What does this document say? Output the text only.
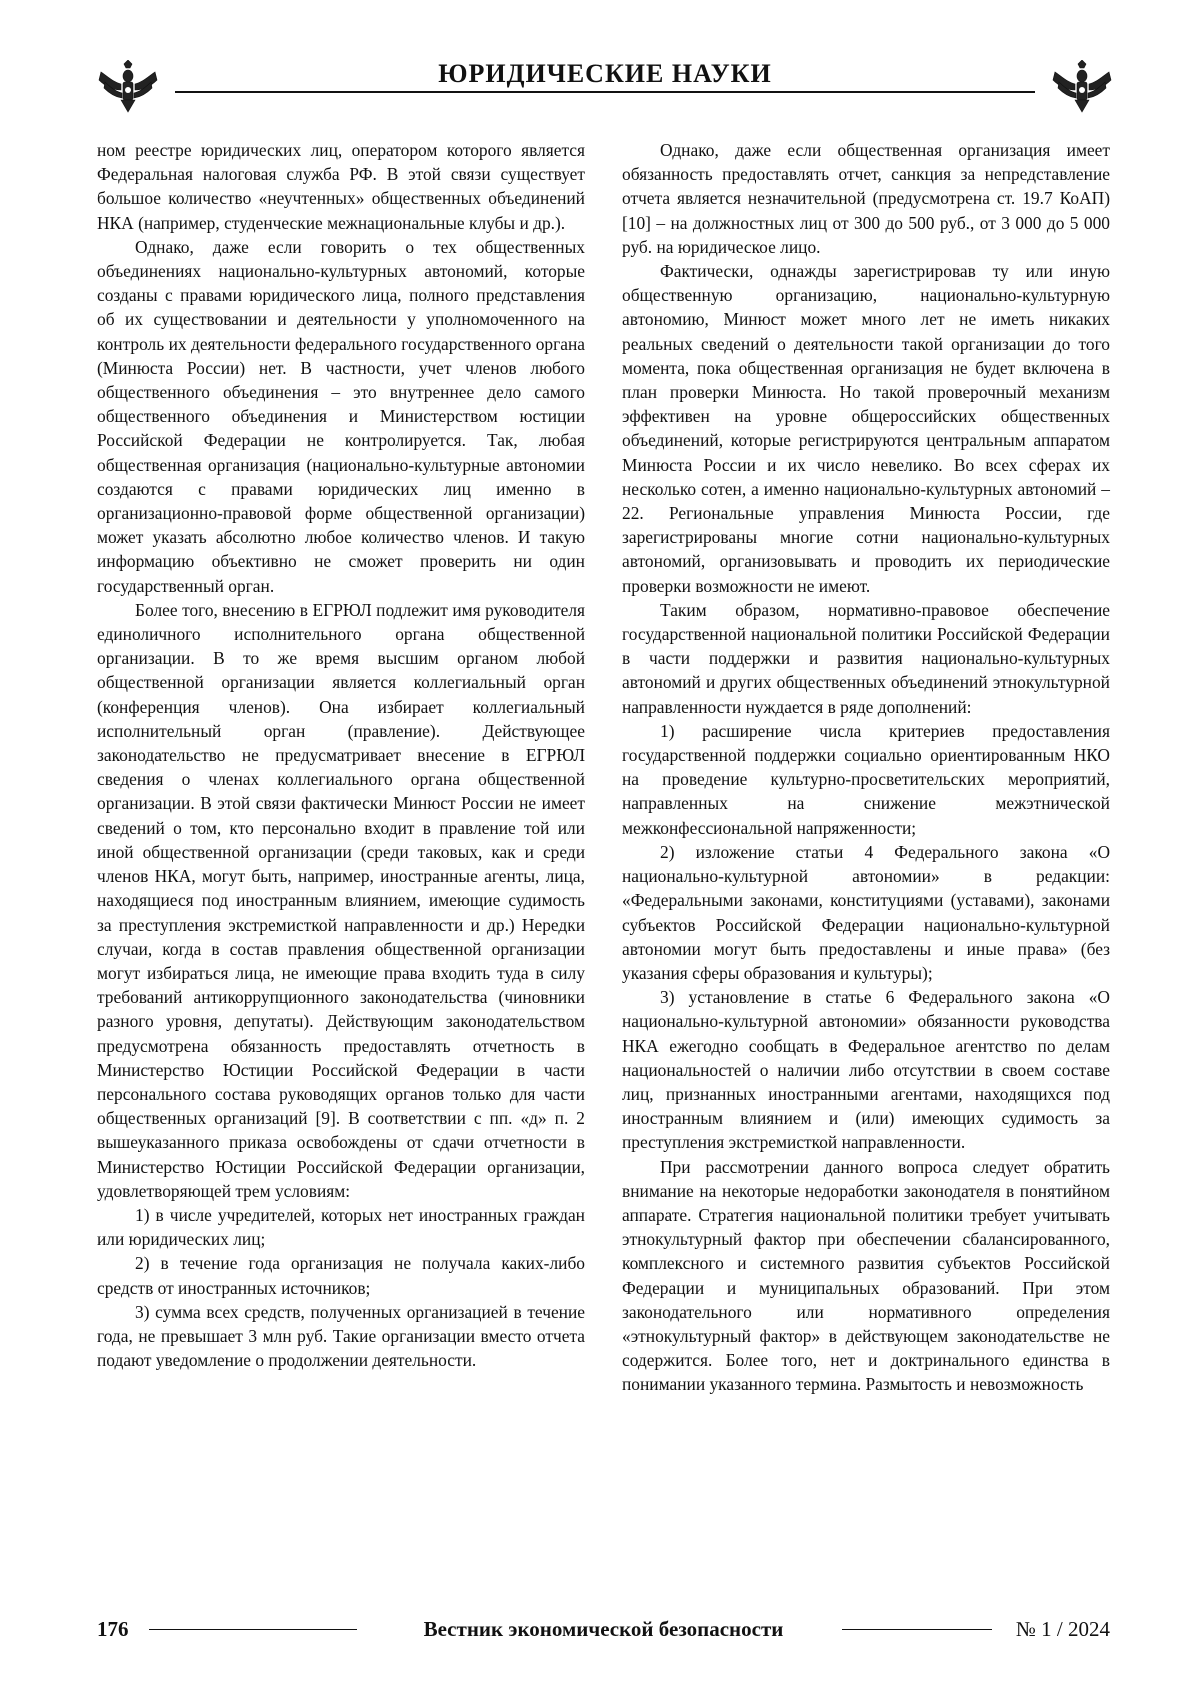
ЮРИДИЧЕСКИЕ НАУКИ

ном реестре юридических лиц, оператором которого является Федеральная налоговая служба РФ. В этой связи существует большое количество «неучтенных» общественных объединений НКА (например, студенческие межнациональные клубы и др.).

Однако, даже если говорить о тех общественных объединениях национально-культурных автономий, которые созданы с правами юридического лица, полного представления об их существовании и деятельности у уполномоченного на контроль их деятельности федерального государственного органа (Минюста России) нет. В частности, учет членов любого общественного объединения – это внутреннее дело самого общественного объединения и Министерством юстиции Российской Федерации не контролируется. Так, любая общественная организация (национально-культурные автономии создаются с правами юридических лиц именно в организационно-правовой форме общественной организации) может указать абсолютно любое количество членов. И такую информацию объективно не сможет проверить ни один государственный орган.

Более того, внесению в ЕГРЮЛ подлежит имя руководителя единоличного исполнительного органа общественной организации. В то же время высшим органом любой общественной организации является коллегиальный орган (конференция членов). Она избирает коллегиальный исполнительный орган (правление). Действующее законодательство не предусматривает внесение в ЕГРЮЛ сведения о членах коллегиального органа общественной организации. В этой связи фактически Минюст России не имеет сведений о том, кто персонально входит в правление той или иной общественной организации (среди таковых, как и среди членов НКА, могут быть, например, иностранные агенты, лица, находящиеся под иностранным влиянием, имеющие судимость за преступления экстремисткой направленности и др.) Нередки случаи, когда в состав правления общественной организации могут избираться лица, не имеющие права входить туда в силу требований антикоррупционного законодательства (чиновники разного уровня, депутаты). Действующим законодательством предусмотрена обязанность предоставлять отчетность в Министерство Юстиции Российской Федерации в части персонального состава руководящих органов только для части общественных организаций [9]. В соответствии с пп. «д» п. 2 вышеуказанного приказа освобождены от сдачи отчетности в Министерство Юстиции Российской Федерации организации, удовлетворяющей трем условиям:

1) в числе учредителей, которых нет иностранных граждан или юридических лиц;

2) в течение года организация не получала каких-либо средств от иностранных источников;

3) сумма всех средств, полученных организацией в течение года, не превышает 3 млн руб. Такие организации вместо отчета подают уведомление о продолжении деятельности.

Однако, даже если общественная организация имеет обязанность предоставлять отчет, санкция за непредставление отчета является незначительной (предусмотрена ст. 19.7 КоАП) [10] – на должностных лиц от 300 до 500 руб., от 3 000 до 5 000 руб. на юридическое лицо.

Фактически, однажды зарегистрировав ту или иную общественную организацию, национально-культурную автономию, Минюст может много лет не иметь никаких реальных сведений о деятельности такой организации до того момента, пока общественная организация не будет включена в план проверки Минюста. Но такой проверочный механизм эффективен на уровне общероссийских общественных объединений, которые регистрируются центральным аппаратом Минюста России и их число невелико. Во всех сферах их несколько сотен, а именно национально-культурных автономий – 22. Региональные управления Минюста России, где зарегистрированы многие сотни национально-культурных автономий, организовывать и проводить их периодические проверки возможности не имеют.

Таким образом, нормативно-правовое обеспечение государственной национальной политики Российской Федерации в части поддержки и развития национально-культурных автономий и других общественных объединений этнокультурной направленности нуждается в ряде дополнений:

1) расширение числа критериев предоставления государственной поддержки социально ориентированным НКО на проведение культурно-просветительских мероприятий, направленных на снижение межэтнической межконфессиональной напряженности;

2) изложение статьи 4 Федерального закона «О национально-культурной автономии» в редакции: «Федеральными законами, конституциями (уставами), законами субъектов Российской Федерации национально-культурной автономии могут быть предоставлены и иные права» (без указания сферы образования и культуры);

3) установление в статье 6 Федерального закона «О национально-культурной автономии» обязанности руководства НКА ежегодно сообщать в Федеральное агентство по делам национальностей о наличии либо отсутствии в своем составе лиц, признанных иностранными агентами, находящихся под иностранным влиянием и (или) имеющих судимость за преступления экстремисткой направленности.

При рассмотрении данного вопроса следует обратить внимание на некоторые недоработки законодателя в понятийном аппарате. Стратегия национальной политики требует учитывать этнокультурный фактор при обеспечении сбалансированного, комплексного и системного развития субъектов Российской Федерации и муниципальных образований. При этом законодательного или нормативного определения «этнокультурный фактор» в действующем законодательстве не содержится. Более того, нет и доктринального единства в понимании указанного термина. Размытость и невозможность

176	Вестник экономической безопасности	№ 1 / 2024
